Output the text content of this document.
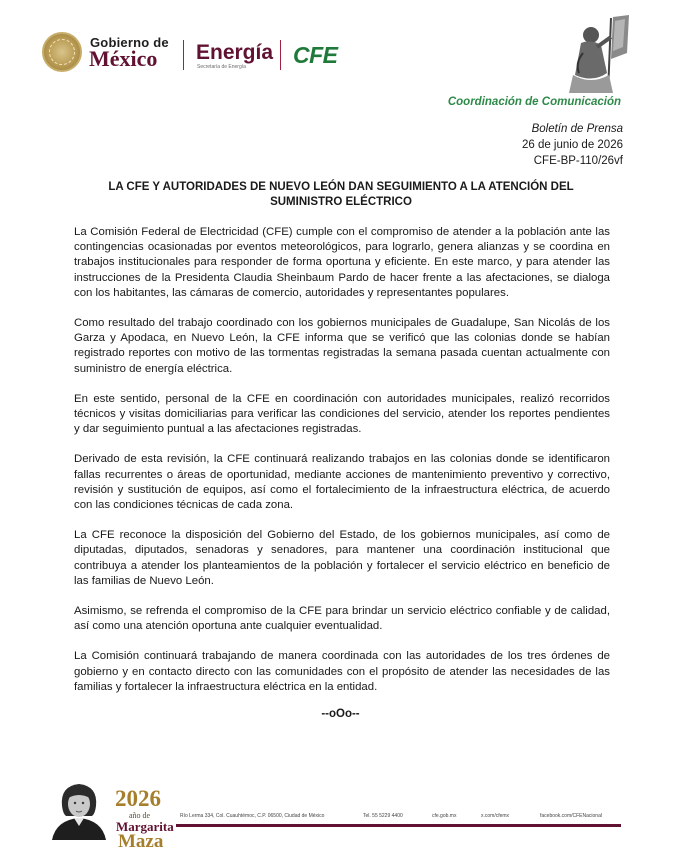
Gobierno de
México Energía
Secretaría de Energía CFE
Coordinación de Comunicación
Boletín de Prensa
26 de junio de 2026
CFE-BP-110/26vf
LA CFE Y AUTORIDADES DE NUEVO LEÓN DAN SEGUIMIENTO A LA ATENCIÓN DEL SUMINISTRO ELÉCTRICO

La Comisión Federal de Electricidad (CFE) cumple con el compromiso de atender a la población ante las contingencias ocasionadas por eventos meteorológicos, para lograrlo, genera alianzas y se coordina en trabajos institucionales para responder de forma oportuna y eficiente. En este marco, y para atender las instrucciones de la Presidenta Claudia Sheinbaum Pardo de hacer frente a las afectaciones, se dialoga con los habitantes, las cámaras de comercio, autoridades y representantes populares.

Como resultado del trabajo coordinado con los gobiernos municipales de Guadalupe, San Nicolás de los Garza y Apodaca, en Nuevo León, la CFE informa que se verificó que las colonias donde se habían registrado reportes con motivo de las tormentas registradas la semana pasada cuentan actualmente con suministro de energía eléctrica.

En este sentido, personal de la CFE en coordinación con autoridades municipales, realizó recorridos técnicos y visitas domiciliarias para verificar las condiciones del servicio, atender los reportes pendientes y dar seguimiento puntual a las afectaciones registradas.

Derivado de esta revisión, la CFE continuará realizando trabajos en las colonias donde se identificaron fallas recurrentes o áreas de oportunidad, mediante acciones de mantenimiento preventivo y correctivo, revisión y sustitución de equipos, así como el fortalecimiento de la infraestructura eléctrica, de acuerdo con las condiciones técnicas de cada zona.

La CFE reconoce la disposición del Gobierno del Estado, de los gobiernos municipales, así como de diputadas, diputados, senadoras y senadores, para mantener una coordinación institucional que contribuya a atender los planteamientos de la población y fortalecer el servicio eléctrico en beneficio de las familias de Nuevo León.

Asimismo, se refrenda el compromiso de la CFE para brindar un servicio eléctrico confiable y de calidad, así como una atención oportuna ante cualquier eventualidad.

La Comisión continuará trabajando de manera coordinada con las autoridades de los tres órdenes de gobierno y en contacto directo con las comunidades con el propósito de atender las necesidades de las familias y fortalecer la infraestructura eléctrica en la entidad.

--oOo--
2026
año de
Margarita
Maza
Río Lerma 334, Col. Cuauhtémoc, C.P. 06500, Ciudad de México	Tel. 55 5229 4400	cfe.gob.mx	x.com/cfemx	facebook.com/CFENacional
